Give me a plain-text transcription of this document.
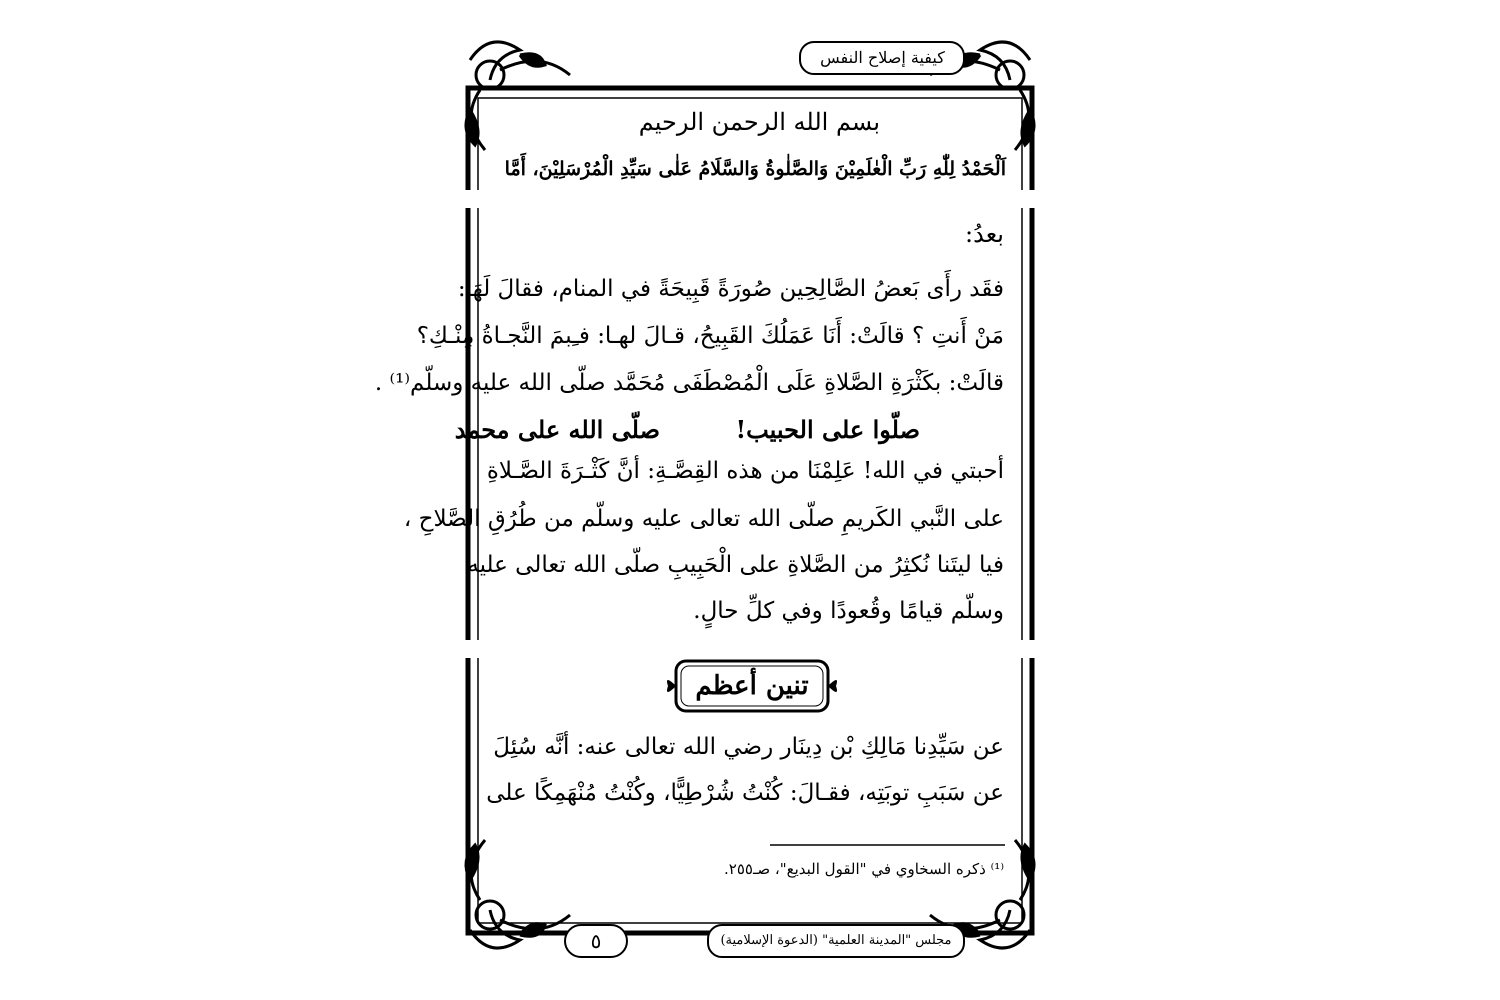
كيفية إصلاح النفس
بسم الله الرحمن الرحيم
اَلْحَمْدُ لِلّٰهِ رَبِّ الْعٰلَمِيْنَ وَالصَّلٰوةُ وَالسَّلَامُ عَلٰى سَيِّدِ الْمُرْسَلِيْنَ، أَمَّا
بعدُ:
فقَد رأَى بَعضُ الصَّالِحِين صُورَةً قَبِيحَةً في المنام، فقالَ لَهَا:
مَنْ أَنتِ ؟ قالَتْ: أَنَا عَمَلُكَ القَبِيحُ، قـالَ لهـا: فـِبمَ النَّجـاةُ مِنْـكِ؟
قالَتْ: بكَثْرَةِ الصَّلاةِ عَلَى الْمُصْطَفَى مُحَمَّد صلّى الله عليه وسلّم⁽¹⁾ .
صلّوا على الحبيب!
صلّى الله على محمد
أحبتي في الله! عَلِمْنَا من هذه القِصَّـةِ: أنَّ كَثْـرَةَ الصَّـلاةِ
على النَّبي الكَريمِ صلّى الله تعالى عليه وسلّم من طُرُقِ الصَّلاحِ ،
فيا ليتَنا نُكثِرُ من الصَّلاةِ على الْحَبِيبِ صلّى الله تعالى عليه
وسلّم قيامًا وقُعودًا وفي كلِّ حالٍ.
تنين أعظم
عن سَيِّدِنا مَالِكِ بْن دِينَار رضي الله تعالى عنه: أنَّه سُئِلَ
عن سَبَبِ توبَتِه، فقـالَ: كُنْتُ شُرْطِيًّا، وكُنْتُ مُنْهَمِكًا على
⁽¹⁾ ذكره السخاوي في "القول البديع"، صـ٢٥٥.
٥	مجلس "المدينة العلمية" (الدعوة الإسلامية)
